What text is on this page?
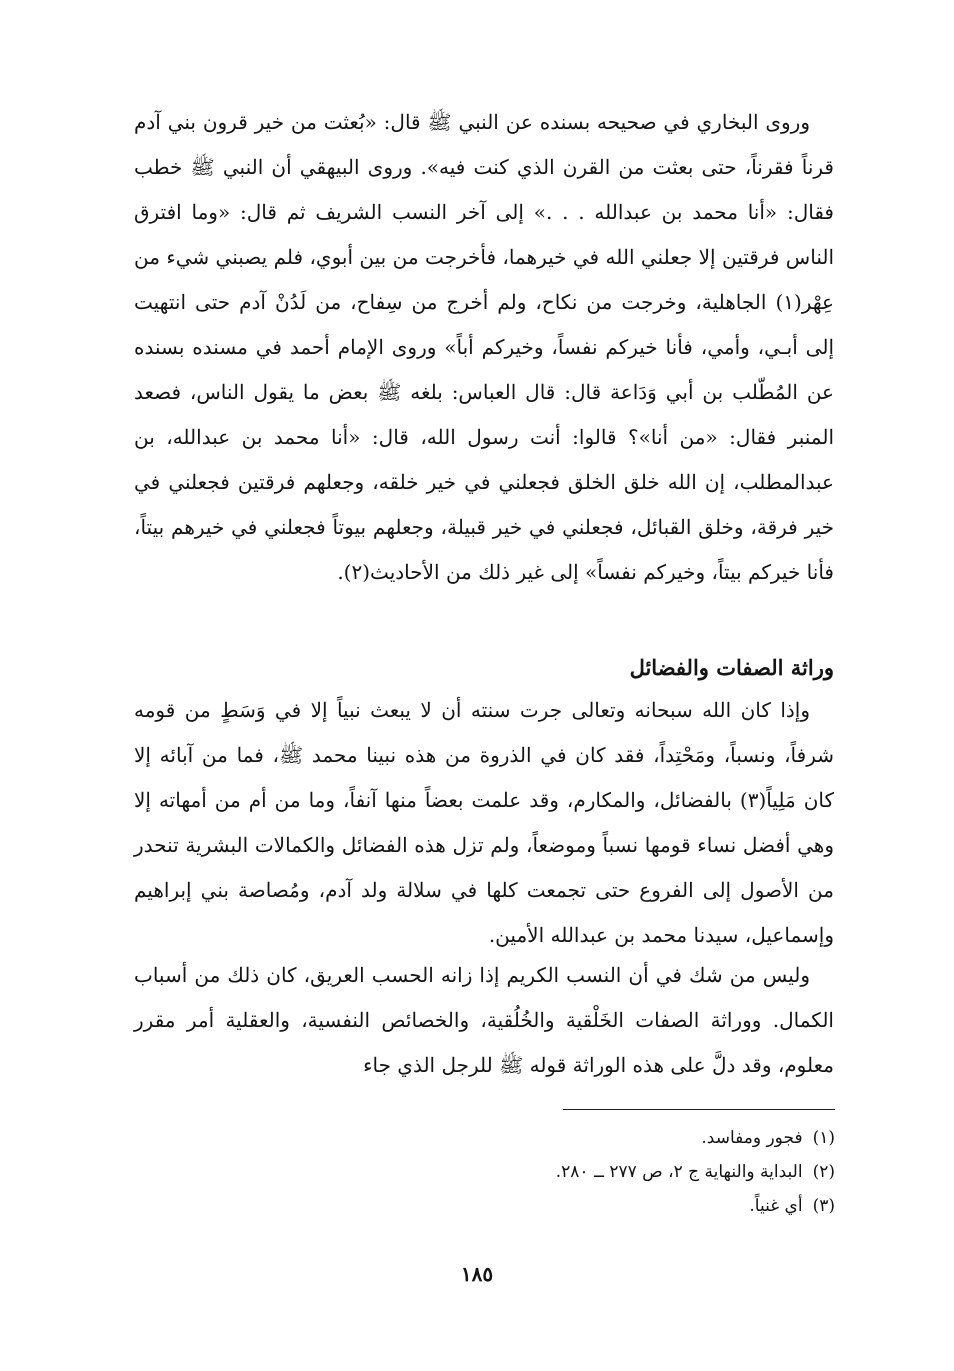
وروى البخاري في صحيحه بسنده عن النبي ﷺ قال: «بُعثت من خير قرون بني آدم قرناً فقرناً، حتى بعثت من القرن الذي كنت فيه». وروى البيهقي أن النبي ﷺ خطب فقال: «أنا محمد بن عبدالله . . .» إلى آخر النسب الشريف ثم قال: «وما افترق الناس فرقتين إلا جعلني الله في خيرهما، فأخرجت من بين أبوي، فلم يصبني شيء من عِهْر(١) الجاهلية، وخرجت من نكاح، ولم أخرج من سِفاح، من لَدُنْ آدم حتى انتهيت إلى أبـي، وأمي، فأنا خيركم نفساً، وخيركم أباً» وروى الإمام أحمد في مسنده بسنده عن المُطّلب بن أبي وَدَاعة قال: قال العباس: بلغه ﷺ بعض ما يقول الناس، فصعد المنبر فقال: «من أنا»؟ قالوا: أنت رسول الله، قال: «أنا محمد بن عبدالله، بن عبدالمطلب، إن الله خلق الخلق فجعلني في خير خلقه، وجعلهم فرقتين فجعلني في خير فرقة، وخلق القبائل، فجعلني في خير قبيلة، وجعلهم بيوتاً فجعلني في خيرهم بيتاً، فأنا خيركم بيتاً، وخيركم نفساً» إلى غير ذلك من الأحاديث(٢).

وراثة الصفات والفضائل

وإذا كان الله سبحانه وتعالى جرت سنته أن لا يبعث نبياً إلا في وَسَطٍ من قومه شرفاً، ونسباً، ومَحْتِداً، فقد كان في الذروة من هذه نبينا محمد ﷺ، فما من آبائه إلا كان مَلِياً(٣) بالفضائل، والمكارم، وقد علمت بعضاً منها آنفاً، وما من أم من أمهاته إلا وهي أفضل نساء قومها نسباً وموضعاً، ولم تزل هذه الفضائل والكمالات البشرية تنحدر من الأصول إلى الفروع حتى تجمعت كلها في سلالة ولد آدم، ومُصاصة بني إبراهيم وإسماعيل، سيدنا محمد بن عبدالله الأمين.

وليس من شك في أن النسب الكريم إذا زانه الحسب العريق، كان ذلك من أسباب الكمال. ووراثة الصفات الخَلْقية والخُلُقية، والخصائص النفسية، والعقلية أمر مقرر معلوم، وقد دلَّ على هذه الوراثة قوله ﷺ للرجل الذي جاء

(١)فجور ومفاسد.

(٢)البداية والنهاية ج ٢، ص ٢٧٧ ــ ٢٨٠.

(٣)أي غنياً.

١٨٥
